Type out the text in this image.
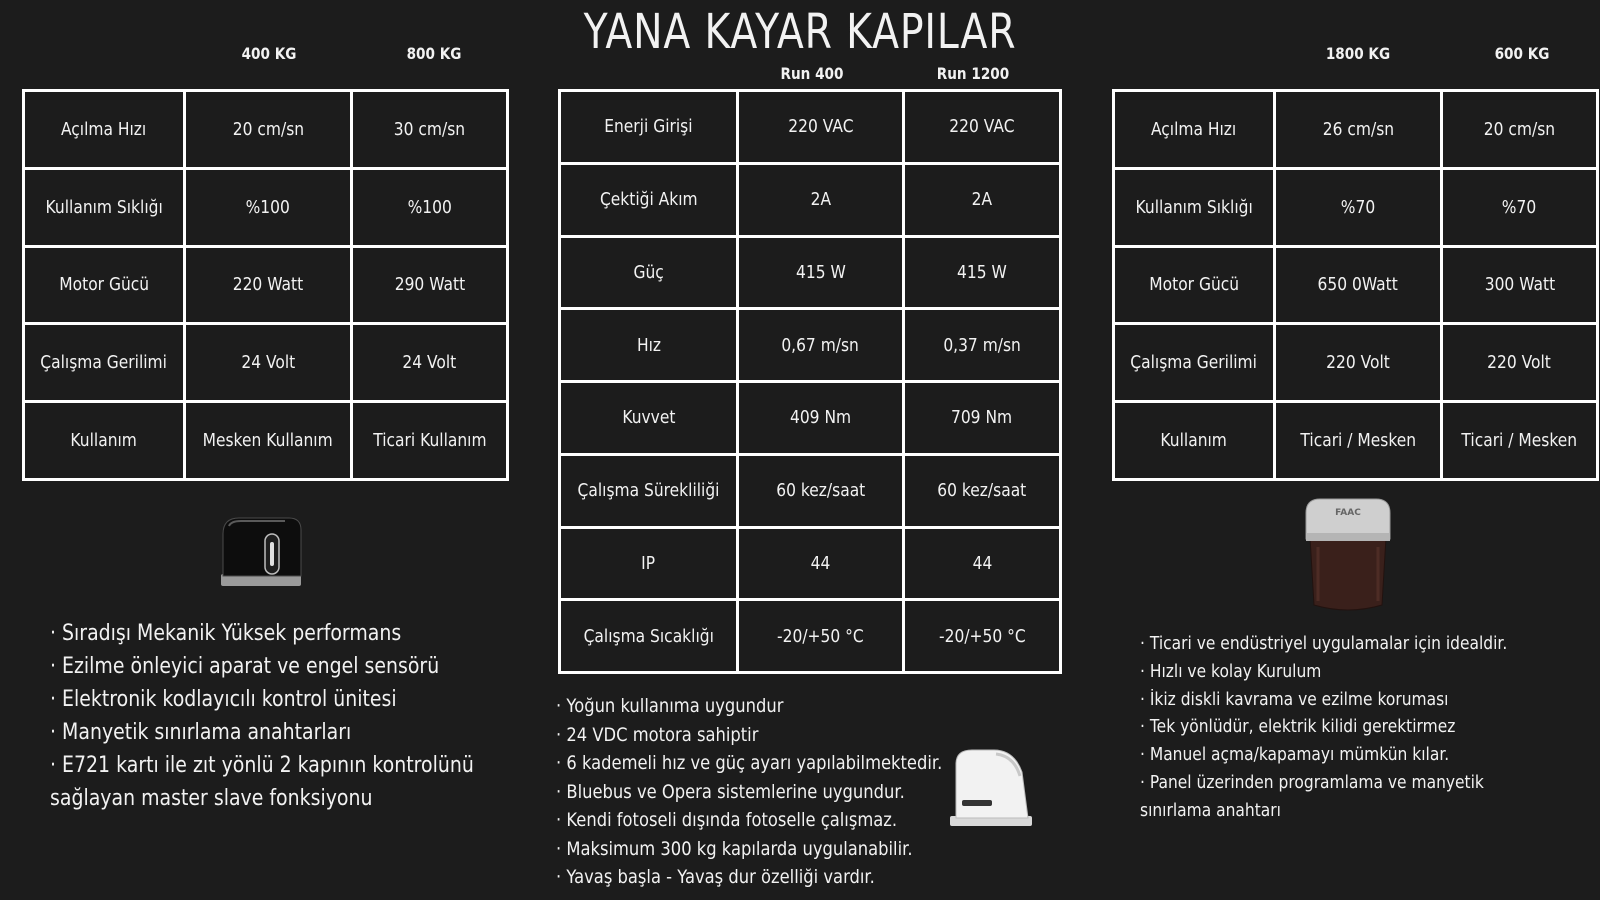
YANA KAYAR KAPILAR
400 KG	800 KG
Açılma Hızı	20 cm/sn	30 cm/sn
Kullanım Sıklığı	%100	%100
Motor Gücü	220 Watt	290 Watt
Çalışma Gerilimi	24 Volt	24 Volt
Kullanım	Mesken Kullanım	Ticari Kullanım
· Sıradışı Mekanik Yüksek performans
· Ezilme önleyici aparat ve engel sensörü
· Elektronik kodlayıcılı kontrol ünitesi
· Manyetik sınırlama anahtarları
· E721 kartı ile zıt yönlü 2 kapının kontrolünü
sağlayan master slave fonksiyonu
Run 400	Run 1200
Enerji Girişi	220 VAC	220 VAC
Çektiği Akım	2A	2A
Güç	415 W	415 W
Hız	0,67 m/sn	0,37 m/sn
Kuvvet	409 Nm	709 Nm
Çalışma Sürekliliği	60 kez/saat	60 kez/saat
IP	44	44
Çalışma Sıcaklığı	-20/+50 °C	-20/+50 °C
· Yoğun kullanıma uygundur
· 24 VDC motora sahiptir
· 6 kademeli hız ve güç ayarı yapılabilmektedir.
· Bluebus ve Opera sistemlerine uygundur.
· Kendi fotoseli dışında fotoselle çalışmaz.
· Maksimum 300 kg kapılarda uygulanabilir.
· Yavaş başla - Yavaş dur özelliği vardır.
1800 KG	600 KG
Açılma Hızı	26 cm/sn	20 cm/sn
Kullanım Sıklığı	%70	%70
Motor Gücü	650 0Watt	300 Watt
Çalışma Gerilimi	220 Volt	220 Volt
Kullanım	Ticari / Mesken	Ticari / Mesken
FAAC
· Ticari ve endüstriyel uygulamalar için idealdir.
· Hızlı ve kolay Kurulum
· İkiz diskli kavrama ve ezilme koruması
· Tek yönlüdür, elektrik kilidi gerektirmez
· Manuel açma/kapamayı mümkün kılar.
· Panel üzerinden programlama ve manyetik
sınırlama anahtarı
